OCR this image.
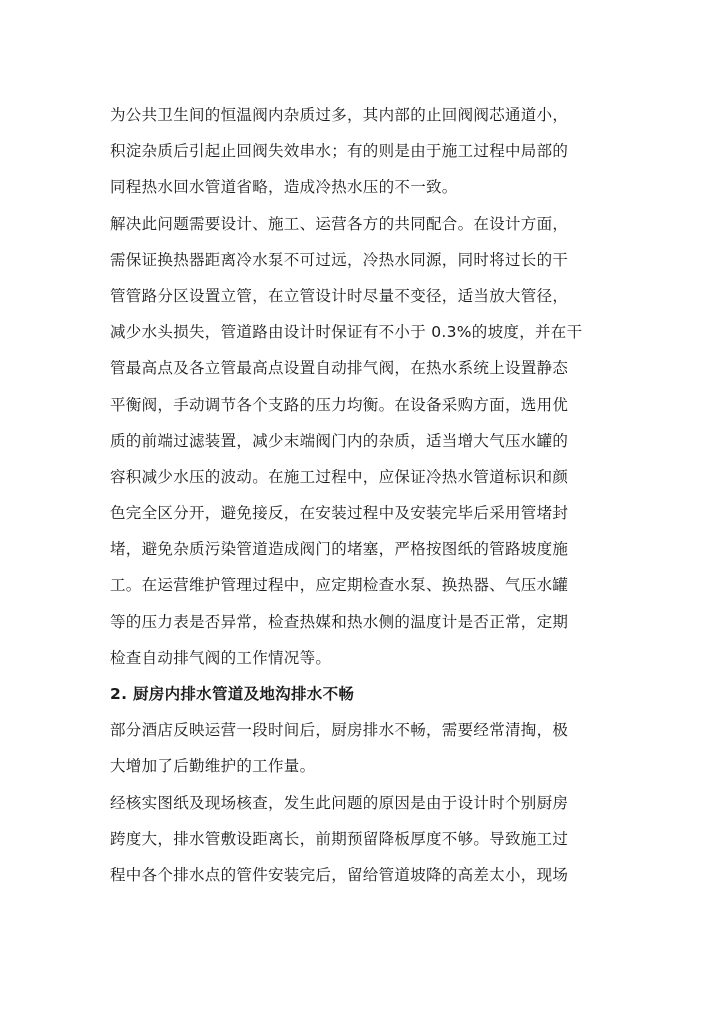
为公共卫生间的恒温阀内杂质过多，其内部的止回阀阀芯通道小，
积淀杂质后引起止回阀失效串水；有的则是由于施工过程中局部的
同程热水回水管道省略，造成冷热水压的不一致。
解决此问题需要设计、施工、运营各方的共同配合。在设计方面，
需保证换热器距离冷水泵不可过远，冷热水同源，同时将过长的干
管管路分区设置立管，在立管设计时尽量不变径，适当放大管径，
减少水头损失，管道路由设计时保证有不小于 0.3%的坡度，并在干
管最高点及各立管最高点设置自动排气阀，在热水系统上设置静态
平衡阀，手动调节各个支路的压力均衡。在设备采购方面，选用优
质的前端过滤装置，减少末端阀门内的杂质，适当增大气压水罐的
容积减少水压的波动。在施工过程中，应保证冷热水管道标识和颜
色完全区分开，避免接反，在安装过程中及安装完毕后采用管堵封
堵，避免杂质污染管道造成阀门的堵塞，严格按图纸的管路坡度施
工。在运营维护管理过程中，应定期检查水泵、换热器、气压水罐
等的压力表是否异常，检查热媒和热水侧的温度计是否正常，定期
检查自动排气阀的工作情况等。
2. 厨房内排水管道及地沟排水不畅
部分酒店反映运营一段时间后，厨房排水不畅，需要经常清掏，极
大增加了后勤维护的工作量。
经核实图纸及现场核查，发生此问题的原因是由于设计时个别厨房
跨度大，排水管敷设距离长，前期预留降板厚度不够。导致施工过
程中各个排水点的管件安装完后，留给管道坡降的高差太小，现场
